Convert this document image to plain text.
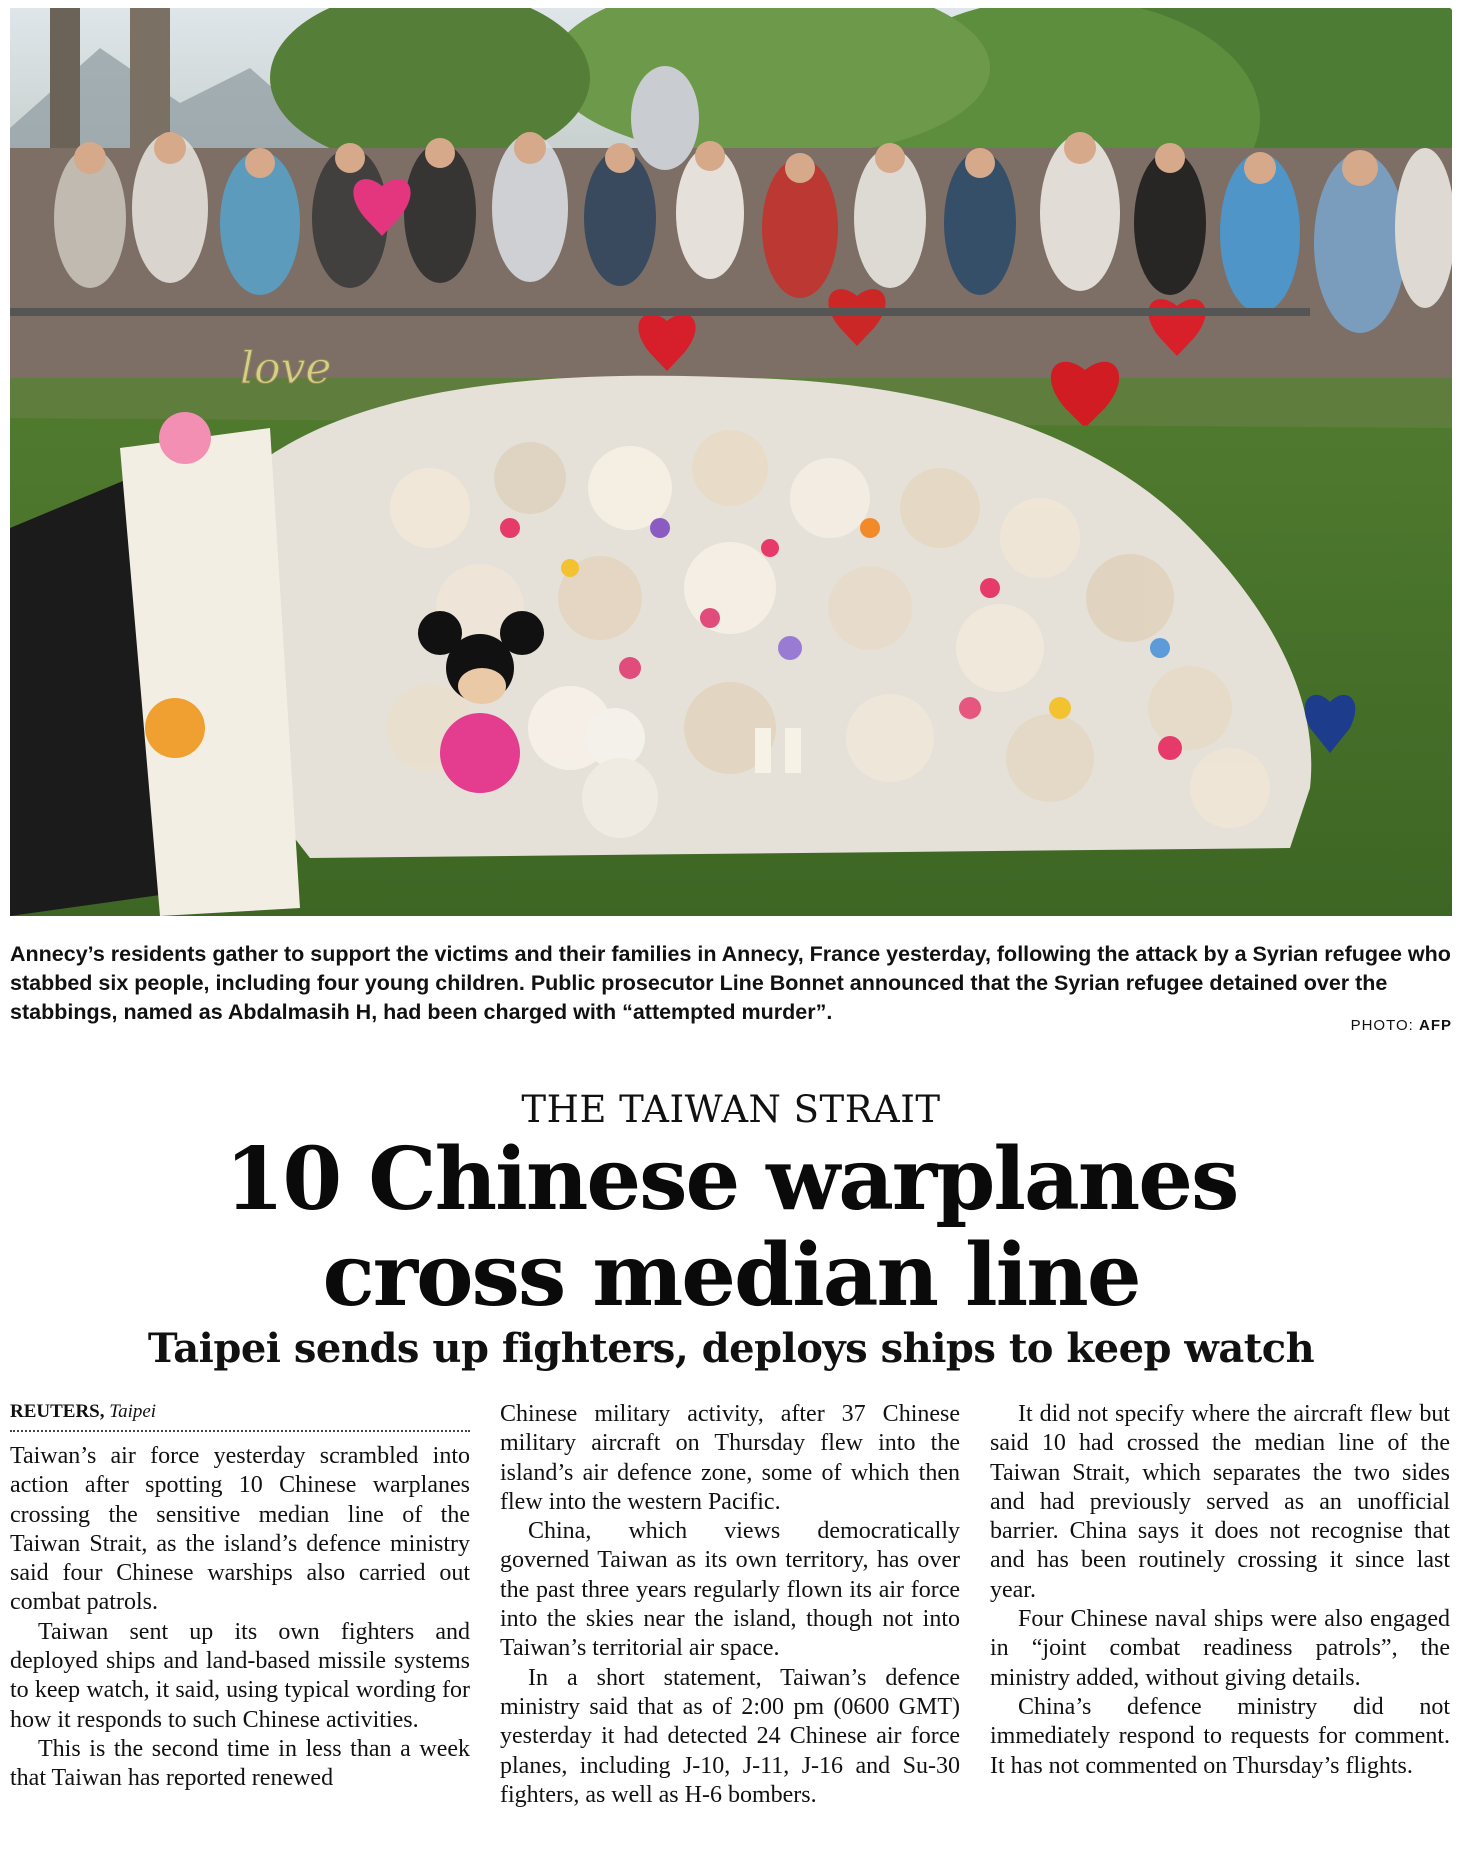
love
Annecy’s residents gather to support the victims and their families in Annecy, France yesterday, following the attack by a Syrian refugee who stabbed six people, including four young children. Public prosecutor Line Bonnet announced that the Syrian refugee detained over the stabbings, named as Abdalmasih H, had been charged with “attempted murder”.
PHOTO: AFP
THE TAIWAN STRAIT
10 Chinese warplanes
cross median line
Taipei sends up fighters, deploys ships to keep watch
REUTERS, Taipei

Taiwan’s air force yesterday scrambled into action after spotting 10 Chinese warplanes crossing the sensitive median line of the Taiwan Strait, as the island’s defence ministry said four Chinese warships also carried out combat patrols.

Taiwan sent up its own fighters and deployed ships and land-based missile systems to keep watch, it said, using typical wording for how it responds to such Chinese activities.

This is the second time in less than a week that Taiwan has reported renewed

Chinese military activity, after 37 Chinese military aircraft on Thursday flew into the island’s air defence zone, some of which then flew into the western Pacific.

China, which views democratically governed Taiwan as its own territory, has over the past three years regularly flown its air force into the skies near the island, though not into Taiwan’s territorial air space.

In a short statement, Taiwan’s defence ministry said that as of 2:00 pm (0600 GMT) yesterday it had detected 24 Chinese air force planes, including J-10, J-11, J-16 and Su-30 fighters, as well as H-6 bombers.

It did not specify where the aircraft flew but said 10 had crossed the median line of the Taiwan Strait, which separates the two sides and had previously served as an unofficial barrier. China says it does not recognise that and has been routinely crossing it since last year.

Four Chinese naval ships were also engaged in “joint combat readiness patrols”, the ministry added, without giving details.

China’s defence ministry did not immediately respond to requests for comment. It has not commented on Thursday’s flights.
